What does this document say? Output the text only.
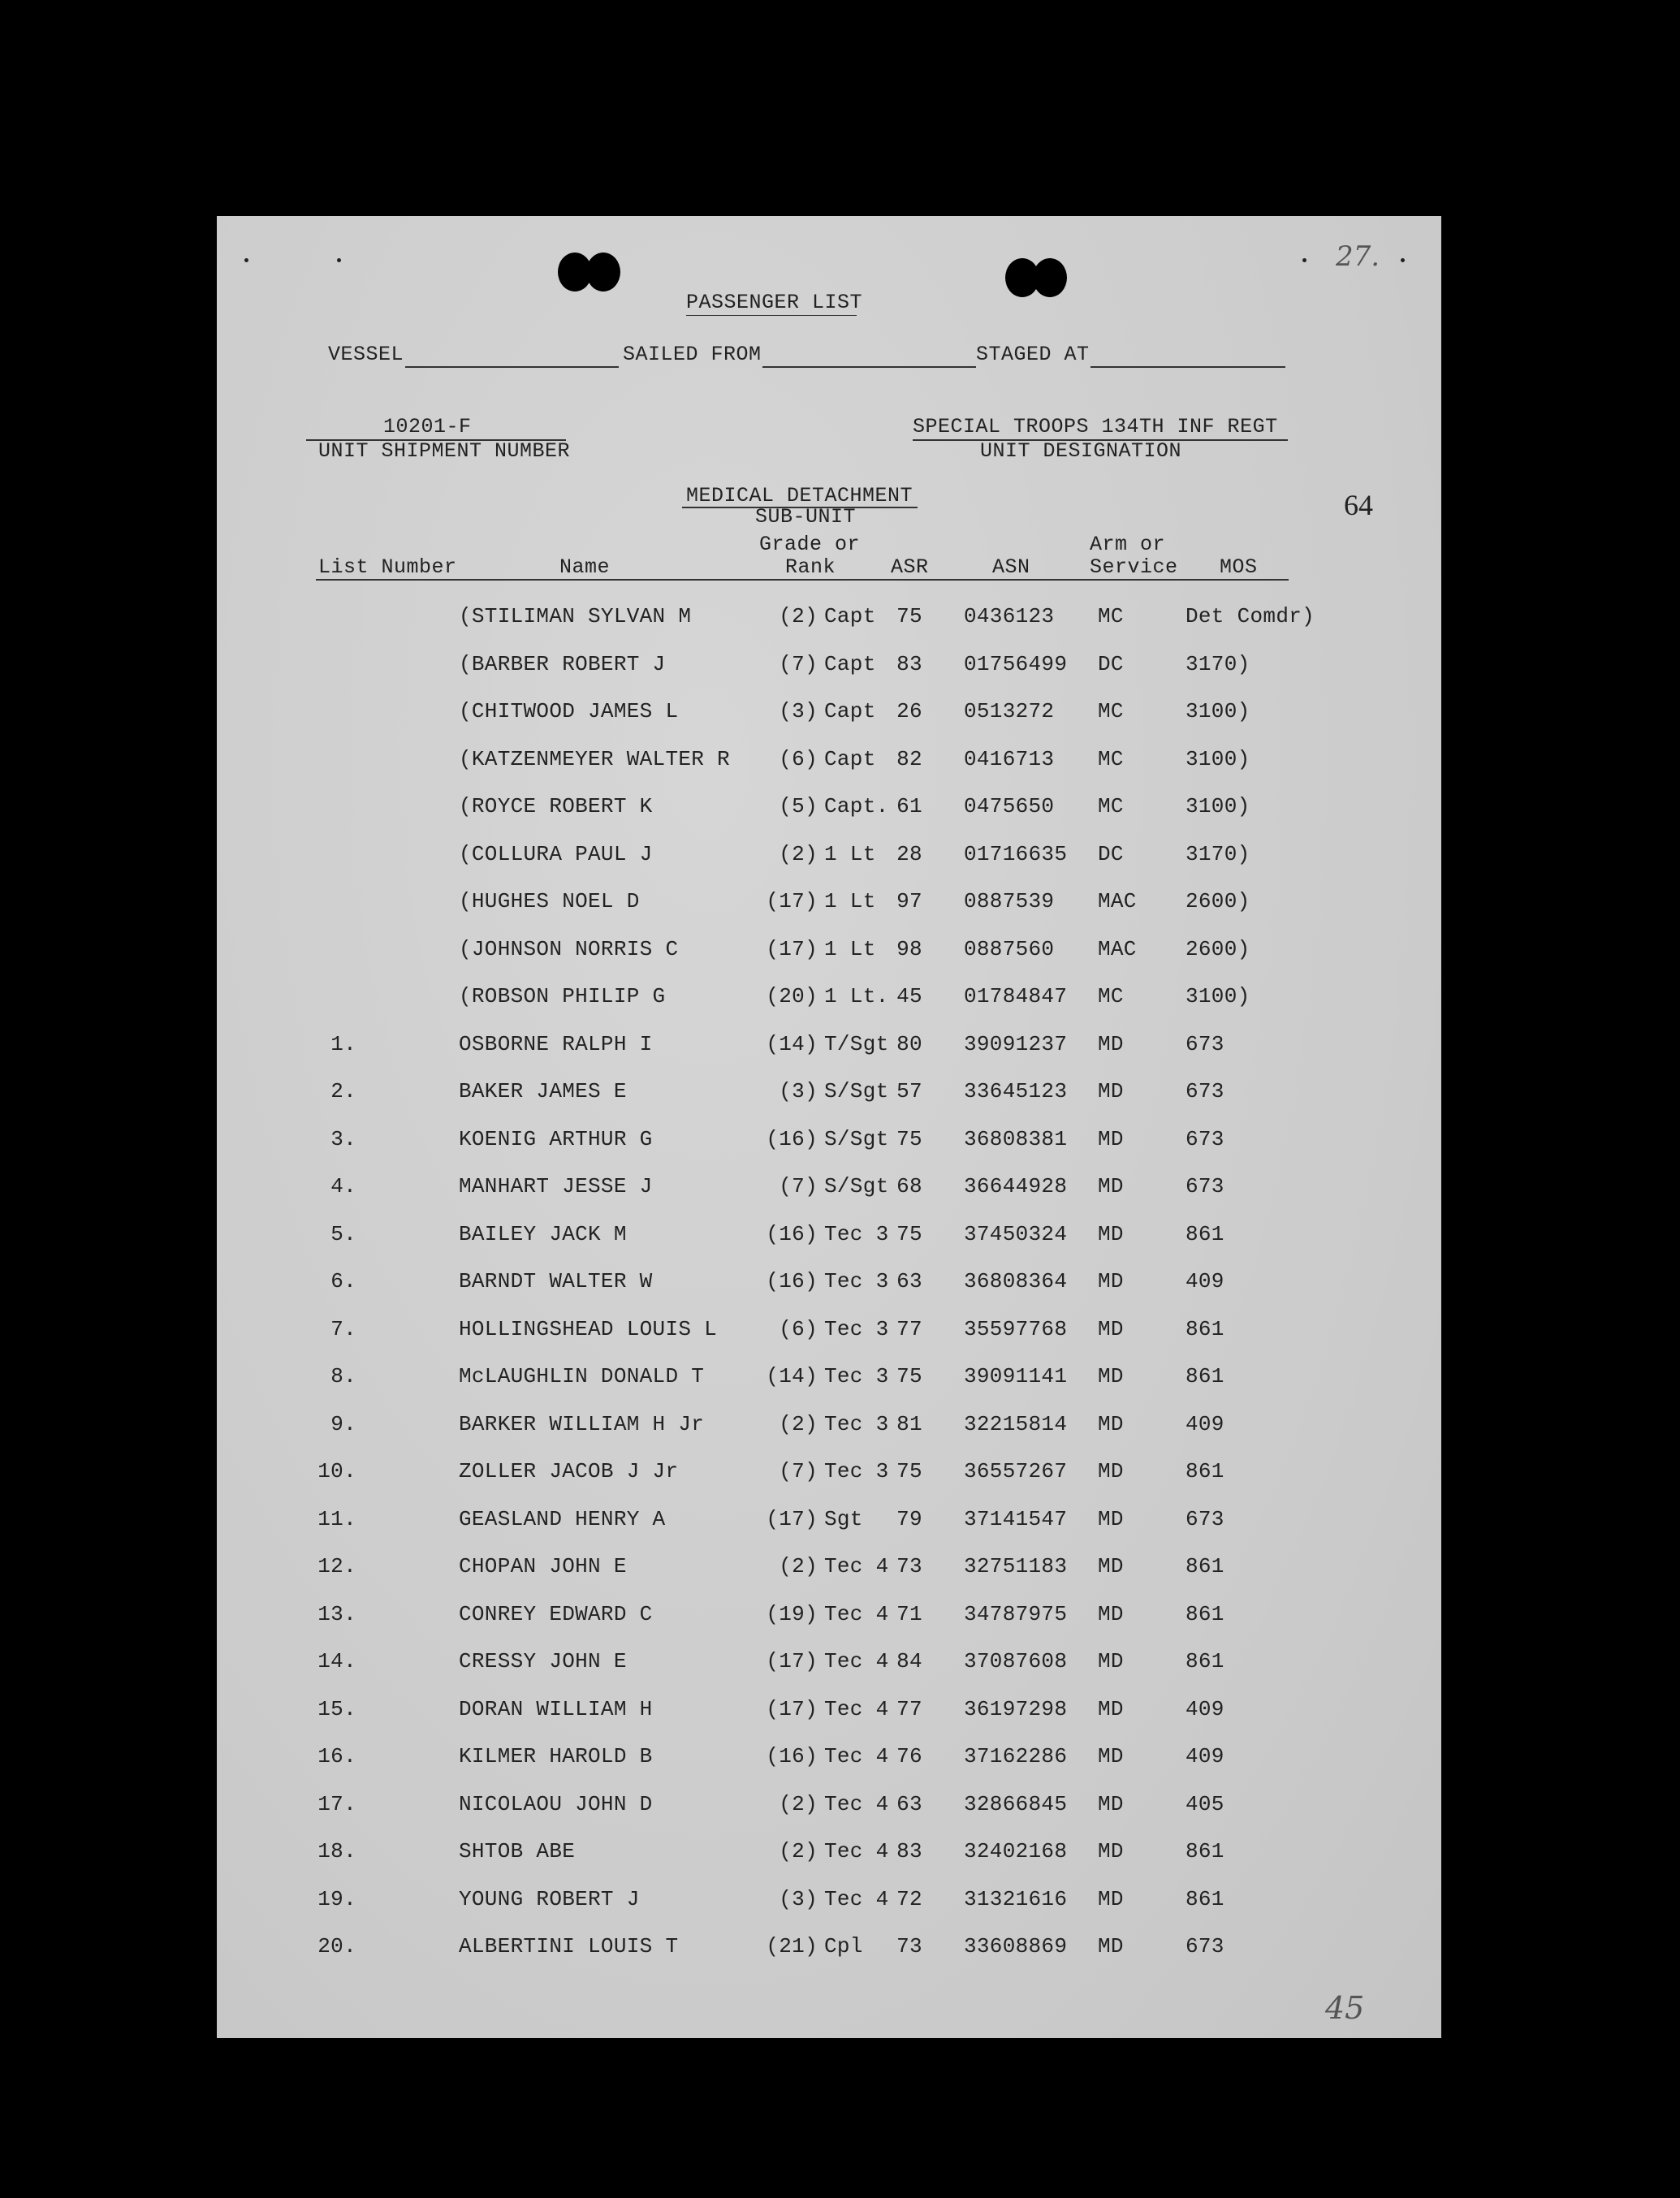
27.
PASSENGER LIST
VESSEL	SAILED FROM	STAGED AT
10201-F
UNIT SHIPMENT NUMBER
SPECIAL TROOPS 134TH INF REGT
UNIT DESIGNATION
MEDICAL DETACHMENT
SUB-UNIT	64
Grade or	Arm or
List Number	Name	Rank	ASR	ASN	Service MOS
(STILIMAN SYLVAN M	(2) Capt 75	0436123 MC	Det Comdr)
(BARBER ROBERT J	(7) Capt 83	01756499 DC	3170)
(CHITWOOD JAMES L	(3) Capt 26	0513272 MC	3100)
(KATZENMEYER WALTER R	(6) Capt 82	0416713 MC	3100)
(ROYCE ROBERT K	(5) Capt. 61	0475650 MC	3100)
(COLLURA PAUL J	(2) 1 Lt 28	01716635 DC	3170)
(HUGHES NOEL D	(17) 1 Lt 97	0887539 MAC 2600)
(JOHNSON NORRIS C	(17) 1 Lt 98	0887560 MAC 2600)
(ROBSON PHILIP G	(20) 1 Lt. 45	01784847 MC	3100)
1.	OSBORNE RALPH I	(14) T/Sgt 80	39091237 MD	673
2.	BAKER JAMES E	(3) S/Sgt 57	33645123 MD	673
3.	KOENIG ARTHUR G	(16) S/Sgt 75	36808381 MD	673
4.	MANHART JESSE J	(7) S/Sgt 68	36644928 MD	673
5.	BAILEY JACK M	(16) Tec 3 75	37450324 MD	861
6.	BARNDT WALTER W	(16) Tec 3 63	36808364 MD	409
7.	HOLLINGSHEAD LOUIS L	(6) Tec 3 77	35597768 MD	861
8.	McLAUGHLIN DONALD T	(14) Tec 3 75	39091141 MD	861
9.	BARKER WILLIAM H Jr	(2) Tec 3 81	32215814 MD	409
10.	ZOLLER JACOB J Jr	(7) Tec 3 75	36557267 MD	861
11.	GEASLAND HENRY A	(17) Sgt	79	37141547 MD	673
12.	CHOPAN JOHN E	(2) Tec 4 73	32751183 MD	861
13.	CONREY EDWARD C	(19) Tec 4 71	34787975 MD	861
14.	CRESSY JOHN E	(17) Tec 4 84	37087608 MD	861
15.	DORAN WILLIAM H	(17) Tec 4 77	36197298 MD	409
16.	KILMER HAROLD B	(16) Tec 4 76	37162286 MD	409
17.	NICOLAOU JOHN D	(2) Tec 4 63	32866845 MD	405
18.	SHTOB ABE	(2) Tec 4 83	32402168 MD	861
19.	YOUNG ROBERT J	(3) Tec 4 72	31321616 MD	861
20.	ALBERTINI LOUIS T	(21) Cpl	73	33608869 MD	673
45
